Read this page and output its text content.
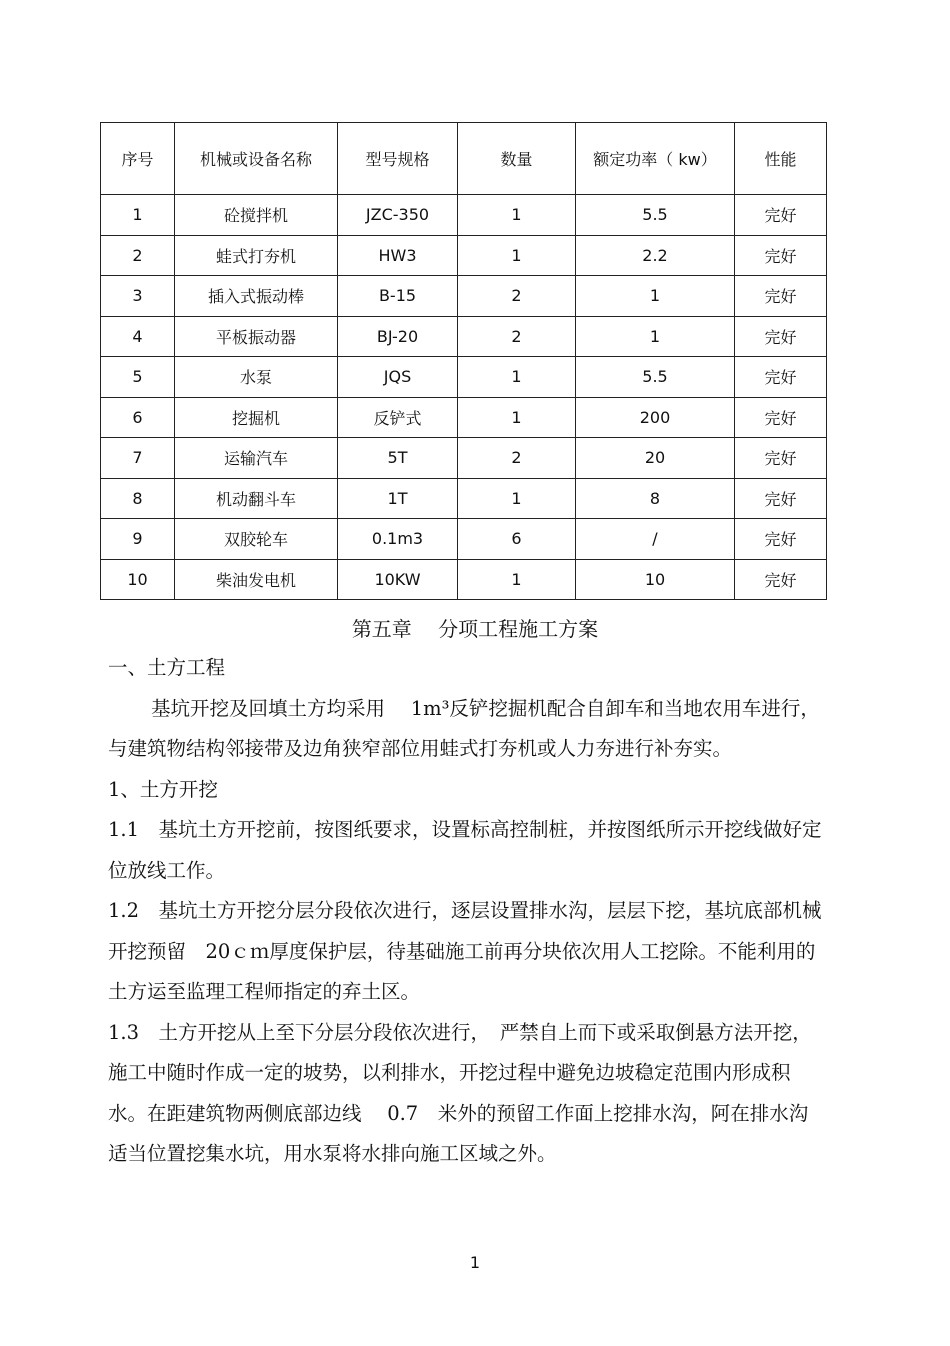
序号	机械或设备名称	型号规格	数量	额定功率（ kw）	性能
1	砼搅拌机	JZC-350	1	5.5	完好
2	蛙式打夯机	HW3	1	2.2	完好
3	插入式振动棒	B-15	2	1	完好
4	平板振动器	BJ-20	2	1	完好
5	水泵	JQS	1	5.5	完好
6	挖掘机	反铲式	1	200	完好
7	运输汽车	5T	2	20	完好
8	机动翻斗车	1T	1	8	完好
9	双胶轮车	0.1m3	6	/	完好
10	柴油发电机	10KW	1	10	完好
第五章　 分项工程施工方案

一、土方工程

基坑开挖及回填土方均采用　 1m³反铲挖掘机配合自卸车和当地农用车进行，与建筑物结构邻接带及边角狭窄部位用蛙式打夯机或人力夯进行补夯实。

1、土方开挖

1.1　基坑土方开挖前，按图纸要求，设置标高控制桩，并按图纸所示开挖线做好定位放线工作。

1.2　基坑土方开挖分层分段依次进行，逐层设置排水沟，层层下挖，基坑底部机械开挖预留　20ｃｍ厚度保护层，待基础施工前再分块依次用人工挖除。不能利用的土方运至监理工程师指定的弃土区。

1.3　土方开挖从上至下分层分段依次进行，　严禁自上而下或采取倒悬方法开挖，施工中随时作成一定的坡势，以利排水，开挖过程中避免边坡稳定范围内形成积水。在距建筑物两侧底部边线　 0.7　米外的预留工作面上挖排水沟，阿在排水沟适当位置挖集水坑，用水泵将水排向施工区域之外。

1
